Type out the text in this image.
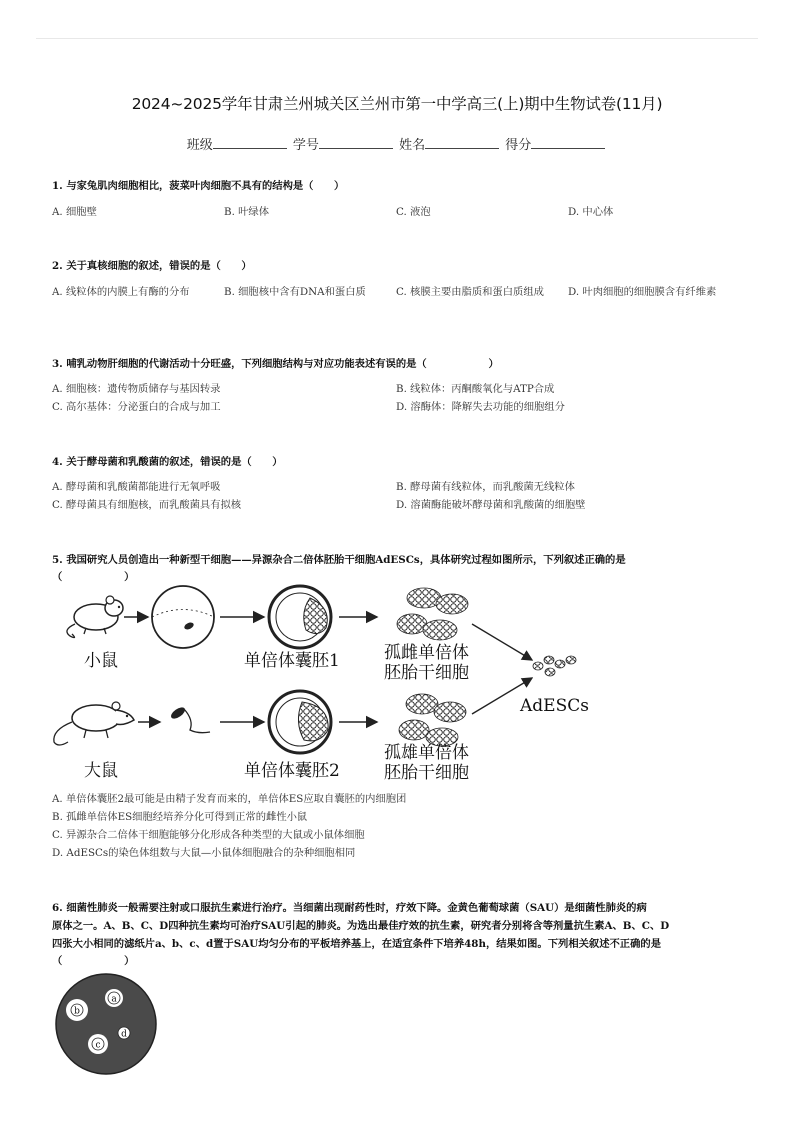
2024~2025学年甘肃兰州城关区兰州市第一中学高三(上)期中生物试卷(11月)
班级	学号	姓名	得分
1. 与家兔肌肉细胞相比，菠菜叶肉细胞不具有的结构是（　　）
A. 细胞壁	B. 叶绿体	C. 液泡	D. 中心体
2. 关于真核细胞的叙述，错误的是（　　）
A. 线粒体的内膜上有酶的分布	B. 细胞核中含有DNA和蛋白质	C. 核膜主要由脂质和蛋白质组成	D. 叶肉细胞的细胞膜含有纤维素
3. 哺乳动物肝细胞的代谢活动十分旺盛，下列细胞结构与对应功能表述有误的是（　　　　　　）
A. 细胞核：遗传物质储存与基因转录	B. 线粒体：丙酮酸氧化与ATP合成
C. 高尔基体：分泌蛋白的合成与加工	D. 溶酶体：降解失去功能的细胞组分
4. 关于酵母菌和乳酸菌的叙述，错误的是（　　）
A. 酵母菌和乳酸菌都能进行无氧呼吸	B. 酵母菌有线粒体，而乳酸菌无线粒体
C. 酵母菌具有细胞核，而乳酸菌具有拟核	D. 溶菌酶能破坏酵母菌和乳酸菌的细胞壁
5. 我国研究人员创造出一种新型干细胞——异源杂合二倍体胚胎干细胞AdESCs，具体研究过程如图所示，下列叙述正确的是
（　　　　　　）
小鼠	单倍体囊胚1	孤雌单倍体
胚胎干细胞
AdESCs
大鼠	单倍体囊胚2
孤雄单倍体
胚胎干细胞
A. 单倍体囊胚2最可能是由精子发育而来的，单倍体ES应取自囊胚的内细胞团
B. 孤雌单倍体ES细胞经培养分化可得到正常的雌性小鼠
C. 异源杂合二倍体干细胞能够分化形成各种类型的大鼠或小鼠体细胞
D. AdESCs的染色体组数与大鼠—小鼠体细胞融合的杂种细胞相同
6. 细菌性肺炎一般需要注射或口服抗生素进行治疗。当细菌出现耐药性时，疗效下降。金黄色葡萄球菌（SAU）是细菌性肺炎的病
原体之一。A、B、C、D四种抗生素均可治疗SAU引起的肺炎。为选出最佳疗效的抗生素，研究者分别将含等剂量抗生素A、B、C、D
四张大小相同的滤纸片a、b、c、d置于SAU均匀分布的平板培养基上，在适宜条件下培养48h，结果如图。下列相关叙述不正确的是
（　　　　　　）
a
b
c
d
